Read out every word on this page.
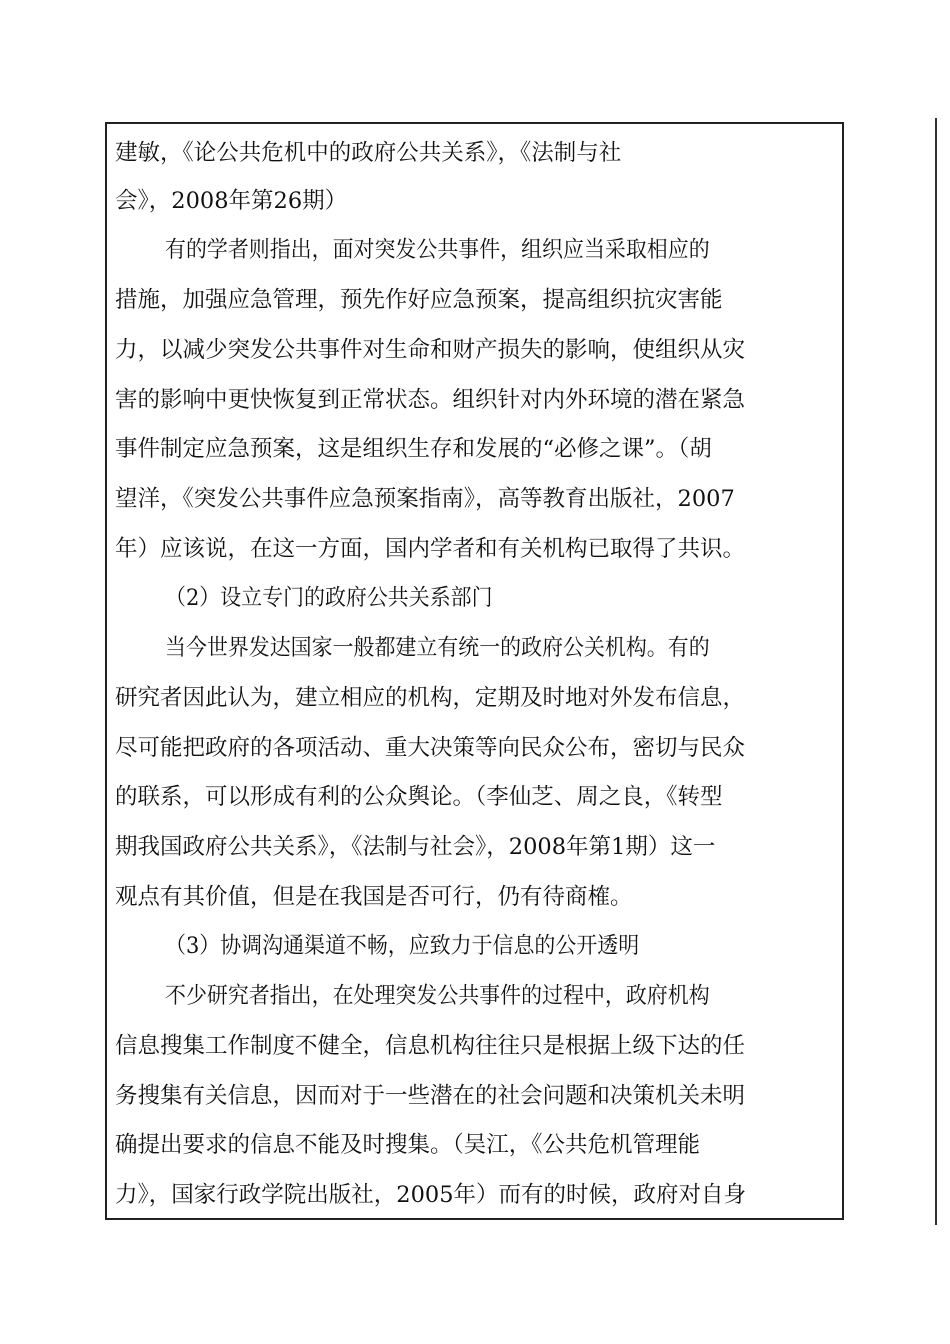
建敏，《论公共危机中的政府公共关系》，《法制与社
会》，2008年第26期）
有的学者则指出，面对突发公共事件，组织应当采取相应的
措施，加强应急管理，预先作好应急预案，提高组织抗灾害能
力，以减少突发公共事件对生命和财产损失的影响，使组织从灾
害的影响中更快恢复到正常状态。组织针对内外环境的潜在紧急
事件制定应急预案，这是组织生存和发展的“必修之课”。（胡
望洋，《突发公共事件应急预案指南》，高等教育出版社，2007
年）应该说，在这一方面，国内学者和有关机构已取得了共识。
（2）设立专门的政府公共关系部门
当今世界发达国家一般都建立有统一的政府公关机构。有的
研究者因此认为，建立相应的机构，定期及时地对外发布信息，
尽可能把政府的各项活动、重大决策等向民众公布，密切与民众
的联系，可以形成有利的公众舆论。（李仙芝、周之良，《转型
期我国政府公共关系》，《法制与社会》，2008年第1期）这一
观点有其价值，但是在我国是否可行，仍有待商榷。
（3）协调沟通渠道不畅，应致力于信息的公开透明
不少研究者指出，在处理突发公共事件的过程中，政府机构
信息搜集工作制度不健全，信息机构往往只是根据上级下达的任
务搜集有关信息，因而对于一些潜在的社会问题和决策机关未明
确提出要求的信息不能及时搜集。（吴江，《公共危机管理能
力》，国家行政学院出版社，2005年）而有的时候，政府对自身
